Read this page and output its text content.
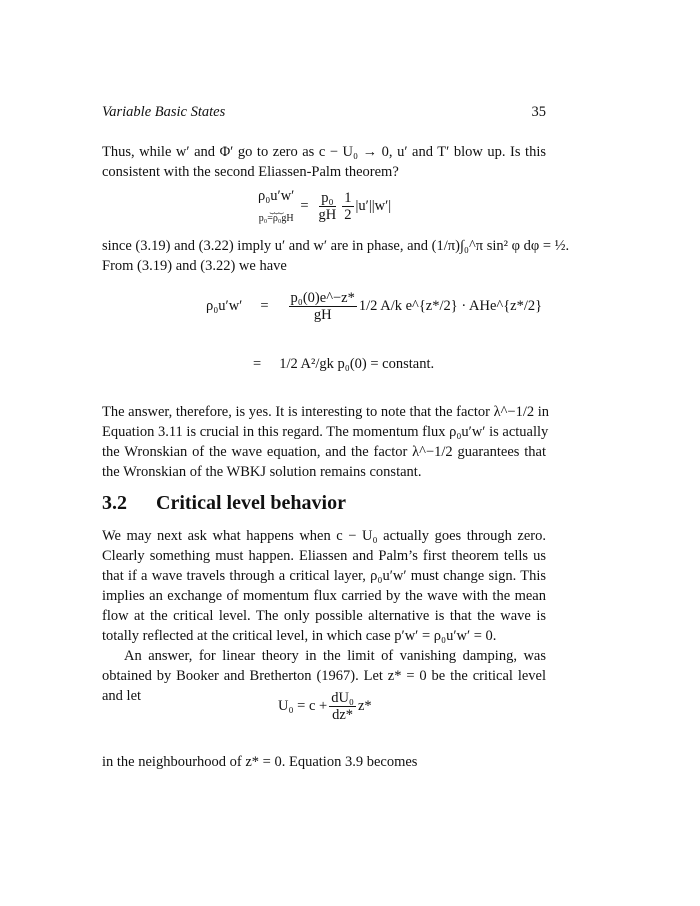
Variable Basic States	35
Thus, while w′ and Φ′ go to zero as c − U₀ → 0, u′ and T′ blow up. Is this
consistent with the second Eliassen-Palm theorem?
ρ₀u′w′
⏟⏟⏟
p₀=ρ₀gH
= $\frac{\text{p₀}}{gH} \frac{1}{2} |u'||w'|$
since (3.19) and (3.22) imply u′ and w′ are in phase, and (1/π)∫₀^π sin² φ dφ = ½.
From (3.19) and (3.22) we have
$\rho_0u'w' = \frac{\text{p₀(0)e\textasciicircum{}−z*}}{gH} 1/2$ A/k e^{z*/2} · AHe^{z*/2}
= 1/2 A²/gk p₀(0) = constant.
The answer, therefore, is yes. It is interesting to note that the factor λ^−1/2 in
Equation 3.11 is crucial in this regard. The momentum flux ρ₀u′w′ is actually
the Wronskian of the wave equation, and the factor λ^−1/2 guarantees that
the Wronskian of the WBKJ solution remains constant.
3.2 Critical level behavior
We may next ask what happens when c − U₀ actually goes through zero.
Clearly something must happen. Eliassen and Palm’s first theorem tells us
that if a wave travels through a critical layer, ρ₀u′w′ must change sign. This
implies an exchange of momentum flux carried by the wave with the mean
flow at the critical level. The only possible alternative is that the wave is
totally reflected at the critical level, in which case p′w′ = ρ₀u′w′ = 0.
An answer, for linear theory in the limit of vanishing damping, was
obtained by Booker and Bretherton (1967). Let z* = 0 be the critical level
and let
$U_0 = c + \frac{\text{dU₀}}{dz*} z*$
in the neighbourhood of z* = 0. Equation 3.9 becomes
